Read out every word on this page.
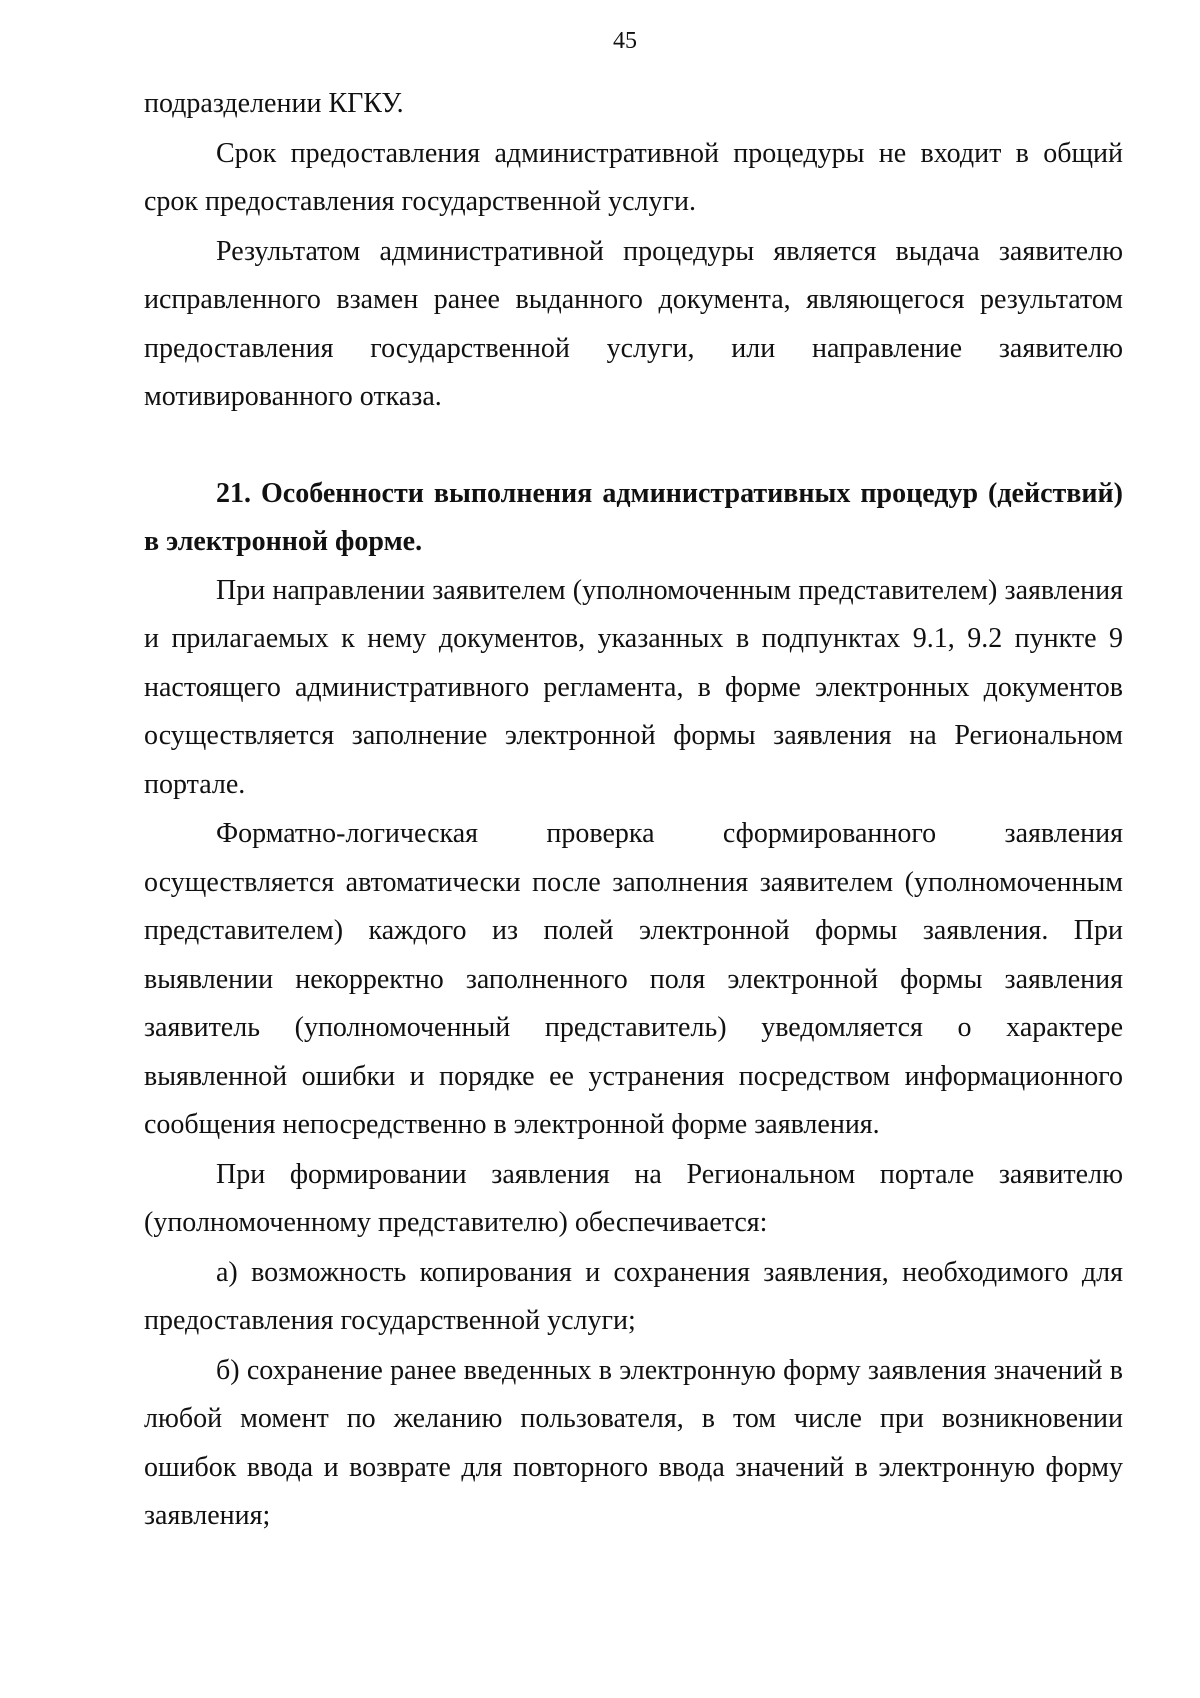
45

подразделении КГКУ.

Срок предоставления административной процедуры не входит в общий срок предоставления государственной услуги.

Результатом административной процедуры является выдача заявителю исправленного взамен ранее выданного документа, являющегося результатом предоставления государственной услуги, или направление заявителю мотивированного отказа.

21. Особенности выполнения административных процедур (действий) в электронной форме.

При направлении заявителем (уполномоченным представителем) заявления и прилагаемых к нему документов, указанных в подпунктах 9.1, 9.2 пункте 9 настоящего административного регламента, в форме электронных документов осуществляется заполнение электронной формы заявления на Региональном портале.

Форматно-логическая проверка сформированного заявления осуществляется автоматически после заполнения заявителем (уполномоченным представителем) каждого из полей электронной формы заявления. При выявлении некорректно заполненного поля электронной формы заявления заявитель (уполномоченный представитель) уведомляется о характере выявленной ошибки и порядке ее устранения посредством информационного сообщения непосредственно в электронной форме заявления.

При формировании заявления на Региональном портале заявителю (уполномоченному представителю) обеспечивается:

а) возможность копирования и сохранения заявления, необходимого для предоставления государственной услуги;

б) сохранение ранее введенных в электронную форму заявления значений в любой момент по желанию пользователя, в том числе при возникновении ошибок ввода и возврате для повторного ввода значений в электронную форму заявления;
